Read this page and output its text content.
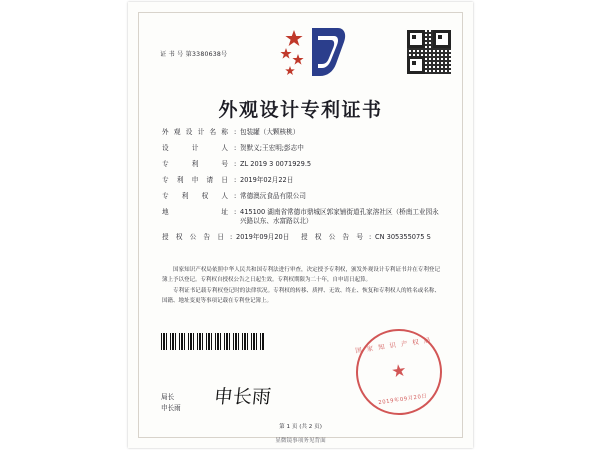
证 书 号 第3380638号
外观设计专利证书
外观设计名称 : 包装罐（大颗核桃）
设 计 人 : 贺默义;王宏明;彭志中
专 利 号 : ZL 2019 3 0071929.5
专利申请日 : 2019年02月22日
专 利 权 人 : 常德澳沅食品有限公司
地 址 : 415100 湖南省常德市鼎城区郭家铺街道孔家溶社区（桥南工业园永兴路以东、水富路以北）
授权公告日 : 2019年09月20日	授权公告号 : CN 305355075 S

国家知识产权局依照中华人民共和国专利法进行审查，决定授予专利权，颁发外观设计专利证书并在专利登记簿上予以登记。专利权自授权公告之日起生效。专利权期限为二十年，自申请日起算。

专利证书记载专利权登记时的法律状况。专利权的转移、质押、无效、终止、恢复和专利权人的姓名或名称、国籍、地址变更等事项记载在专利登记簿上。

国家知识产权局
★
2019年09月20日
局长
申长雨 申长雨
第 1 页 (共 2 页)
显微镜事项务见背面
